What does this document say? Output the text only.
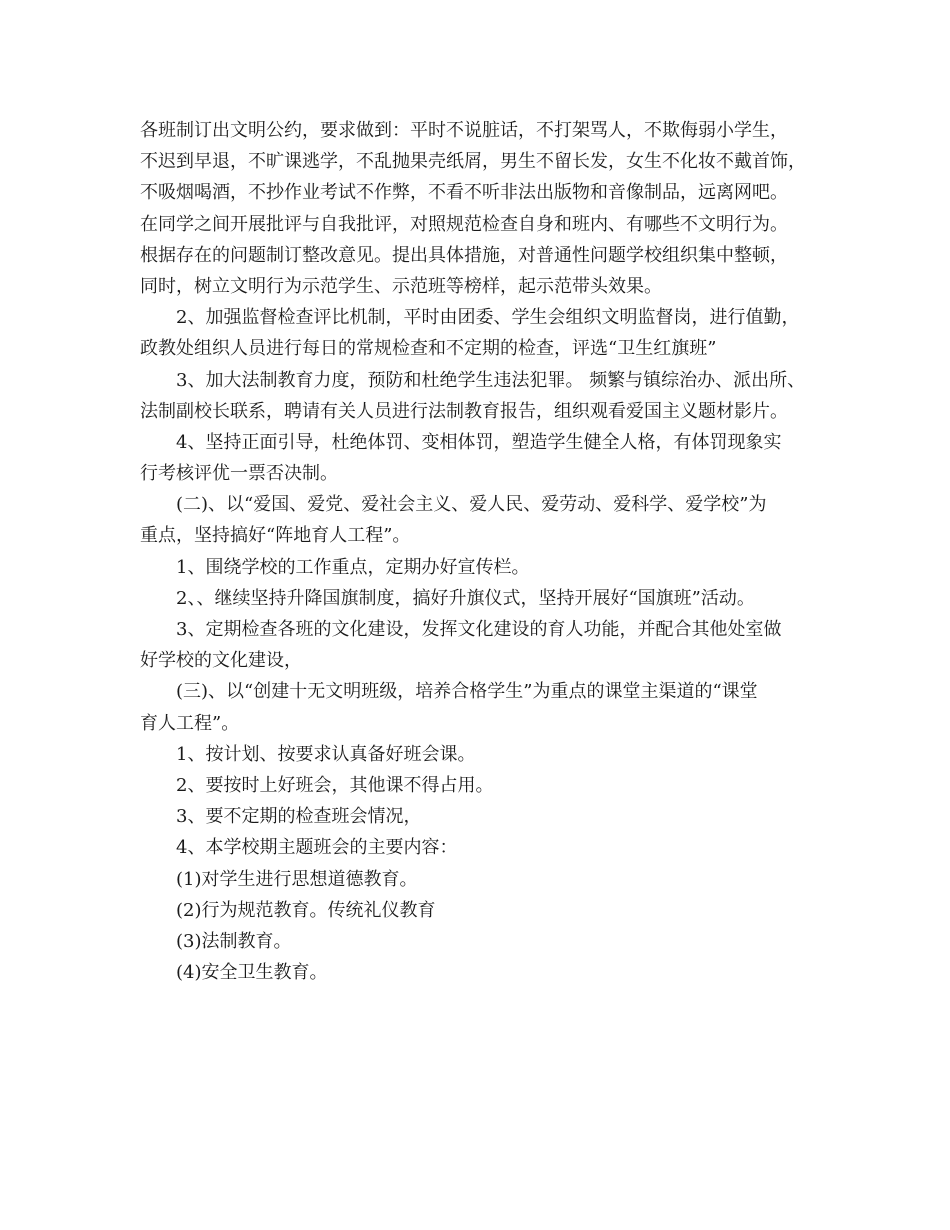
各班制订出文明公约，要求做到：平时不说脏话，不打架骂人，不欺侮弱小学生，

不迟到早退，不旷课逃学，不乱抛果壳纸屑，男生不留长发，女生不化妆不戴首饰，

不吸烟喝酒，不抄作业考试不作弊，不看不听非法出版物和音像制品，远离网吧。

在同学之间开展批评与自我批评，对照规范检查自身和班内、有哪些不文明行为。

根据存在的问题制订整改意见。提出具体措施，对普通性问题学校组织集中整顿，

同时，树立文明行为示范学生、示范班等榜样，起示范带头效果。

2、加强监督检查评比机制，平时由团委、学生会组织文明监督岗，进行值勤，

政教处组织人员进行每日的常规检查和不定期的检查，评选“卫生红旗班”

3、加大法制教育力度，预防和杜绝学生违法犯罪。 频繁与镇综治办、派出所、

法制副校长联系，聘请有关人员进行法制教育报告，组织观看爱国主义题材影片。

4、坚持正面引导，杜绝体罚、变相体罚，塑造学生健全人格，有体罚现象实

行考核评优一票否决制。

(二)、以“爱国、爱党、爱社会主义、爱人民、爱劳动、爱科学、爱学校”为

重点，坚持搞好“阵地育人工程”。

1、围绕学校的工作重点，定期办好宣传栏。

2、、继续坚持升降国旗制度，搞好升旗仪式，坚持开展好“国旗班”活动。

3、定期检查各班的文化建设，发挥文化建设的育人功能，并配合其他处室做

好学校的文化建设，

(三)、以“创建十无文明班级，培养合格学生”为重点的课堂主渠道的“课堂

育人工程”。

1、按计划、按要求认真备好班会课。

2、要按时上好班会，其他课不得占用。

3、要不定期的检查班会情况，

4、本学校期主题班会的主要内容：

(1)对学生进行思想道德教育。

(2)行为规范教育。传统礼仪教育

(3)法制教育。

(4)安全卫生教育。
